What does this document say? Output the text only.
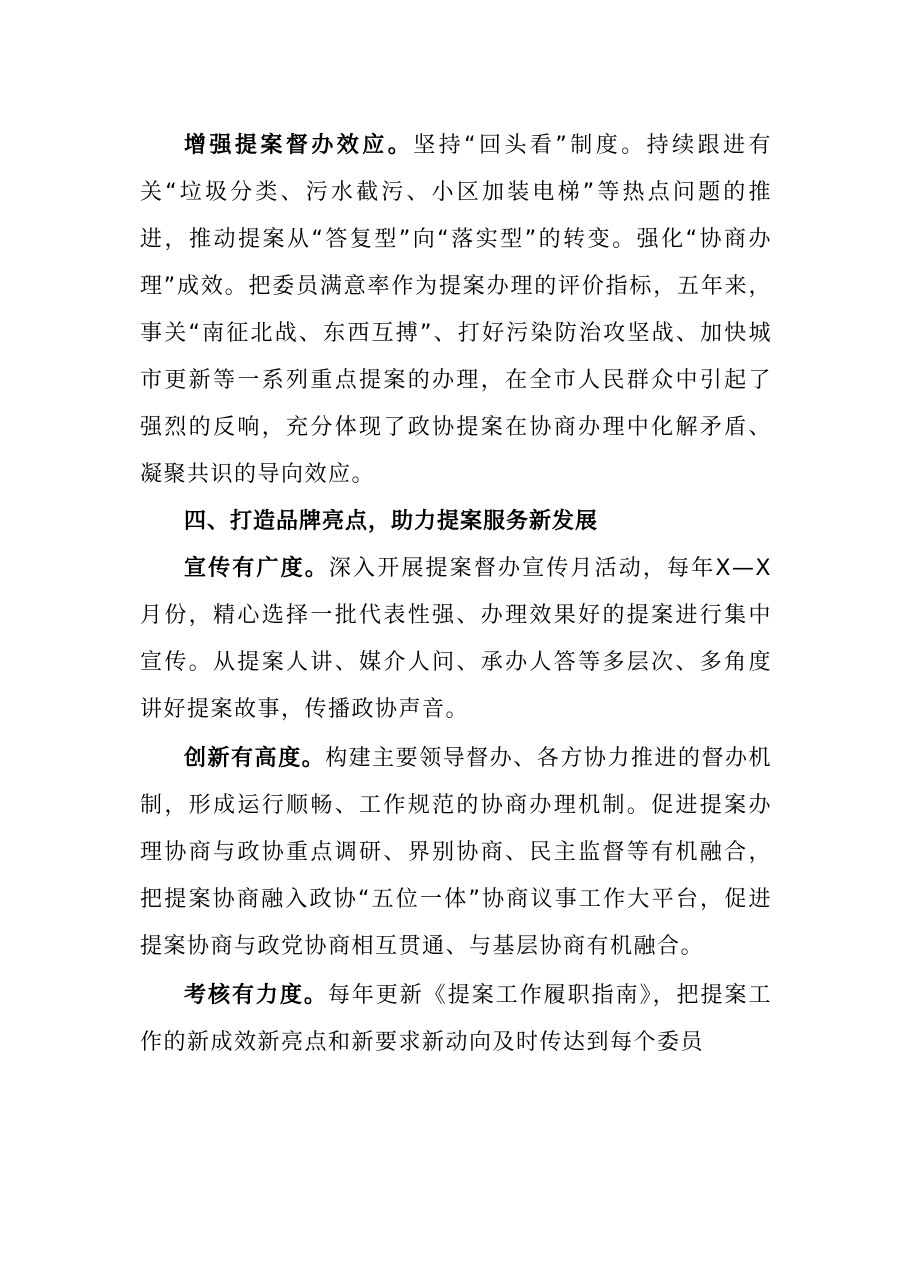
增强提案督办效应。坚持“回头看”制度。持续跟进有关“垃圾分类、污水截污、小区加装电梯”等热点问题的推进，推动提案从“答复型”向“落实型”的转变。强化“协商办理”成效。把委员满意率作为提案办理的评价指标，五年来，事关“南征北战、东西互搏”、打好污染防治攻坚战、加快城市更新等一系列重点提案的办理，在全市人民群众中引起了强烈的反响，充分体现了政协提案在协商办理中化解矛盾、凝聚共识的导向效应。

四、打造品牌亮点，助力提案服务新发展

宣传有广度。深入开展提案督办宣传月活动，每年X—X月份，精心选择一批代表性强、办理效果好的提案进行集中宣传。从提案人讲、媒介人问、承办人答等多层次、多角度讲好提案故事，传播政协声音。

创新有高度。构建主要领导督办、各方协力推进的督办机制，形成运行顺畅、工作规范的协商办理机制。促进提案办理协商与政协重点调研、界别协商、民主监督等有机融合，把提案协商融入政协“五位一体”协商议事工作大平台，促进提案协商与政党协商相互贯通、与基层协商有机融合。

考核有力度。每年更新《提案工作履职指南》，把提案工作的新成效新亮点和新要求新动向及时传达到每个委员
